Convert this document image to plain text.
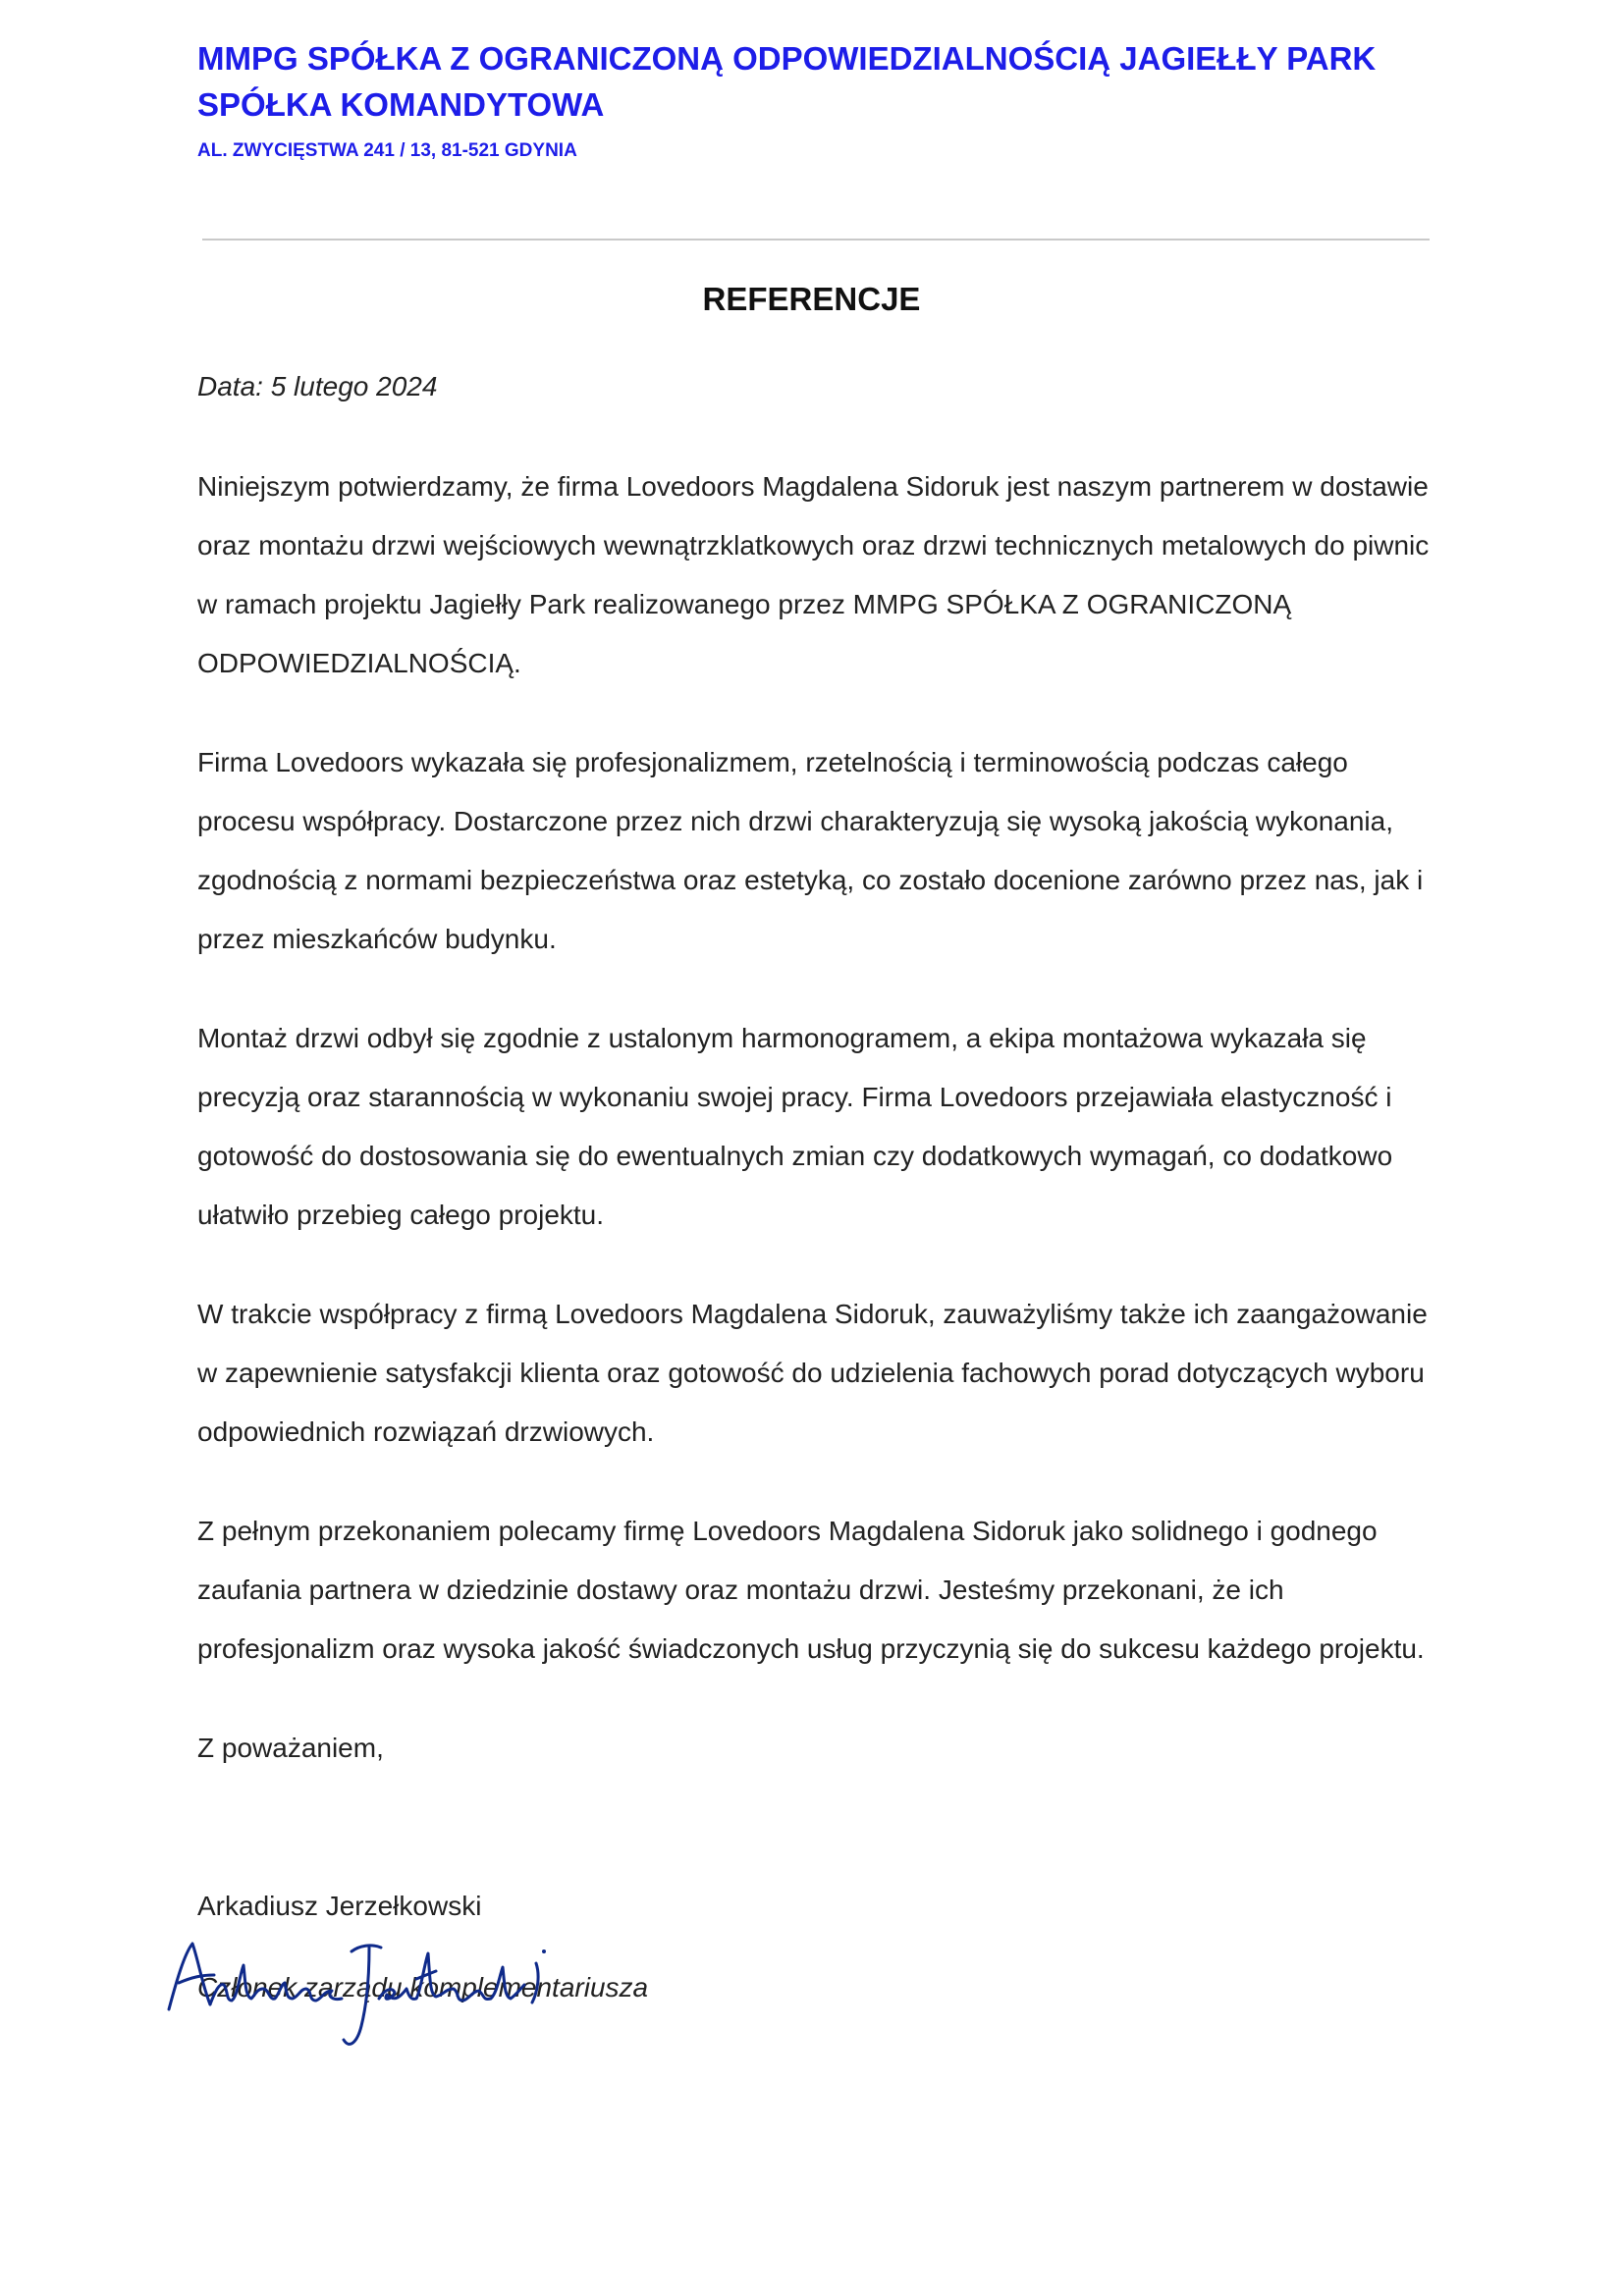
MMPG SPÓŁKA Z OGRANICZONĄ ODPOWIEDZIALNOŚCIĄ JAGIEŁŁY PARK SPÓŁKA KOMANDYTOWA

AL. ZWYCIĘSTWA 241 / 13, 81-521 GDYNIA

REFERENCJE

Data: 5 lutego 2024

Niniejszym potwierdzamy, że firma Lovedoors Magdalena Sidoruk jest naszym partnerem w dostawie oraz montażu drzwi wejściowych wewnątrzklatkowych oraz drzwi technicznych metalowych do piwnic w ramach projektu Jagiełły Park realizowanego przez MMPG SPÓŁKA Z OGRANICZONĄ ODPOWIEDZIALNOŚCIĄ.

Firma Lovedoors wykazała się profesjonalizmem, rzetelnością i terminowością podczas całego procesu współpracy. Dostarczone przez nich drzwi charakteryzują się wysoką jakością wykonania, zgodnością z normami bezpieczeństwa oraz estetyką, co zostało docenione zarówno przez nas, jak i przez mieszkańców budynku.

Montaż drzwi odbył się zgodnie z ustalonym harmonogramem, a ekipa montażowa wykazała się precyzją oraz starannością w wykonaniu swojej pracy. Firma Lovedoors przejawiała elastyczność i gotowość do dostosowania się do ewentualnych zmian czy dodatkowych wymagań, co dodatkowo ułatwiło przebieg całego projektu.

W trakcie współpracy z firmą Lovedoors Magdalena Sidoruk, zauważyliśmy także ich zaangażowanie w zapewnienie satysfakcji klienta oraz gotowość do udzielenia fachowych porad dotyczących wyboru odpowiednich rozwiązań drzwiowych.

Z pełnym przekonaniem polecamy firmę Lovedoors Magdalena Sidoruk jako solidnego i godnego zaufania partnera w dziedzinie dostawy oraz montażu drzwi. Jesteśmy przekonani, że ich profesjonalizm oraz wysoka jakość świadczonych usług przyczynią się do sukcesu każdego projektu.

Z poważaniem,

Arkadiusz Jerzełkowski

Członek zarządu komplementariusza
